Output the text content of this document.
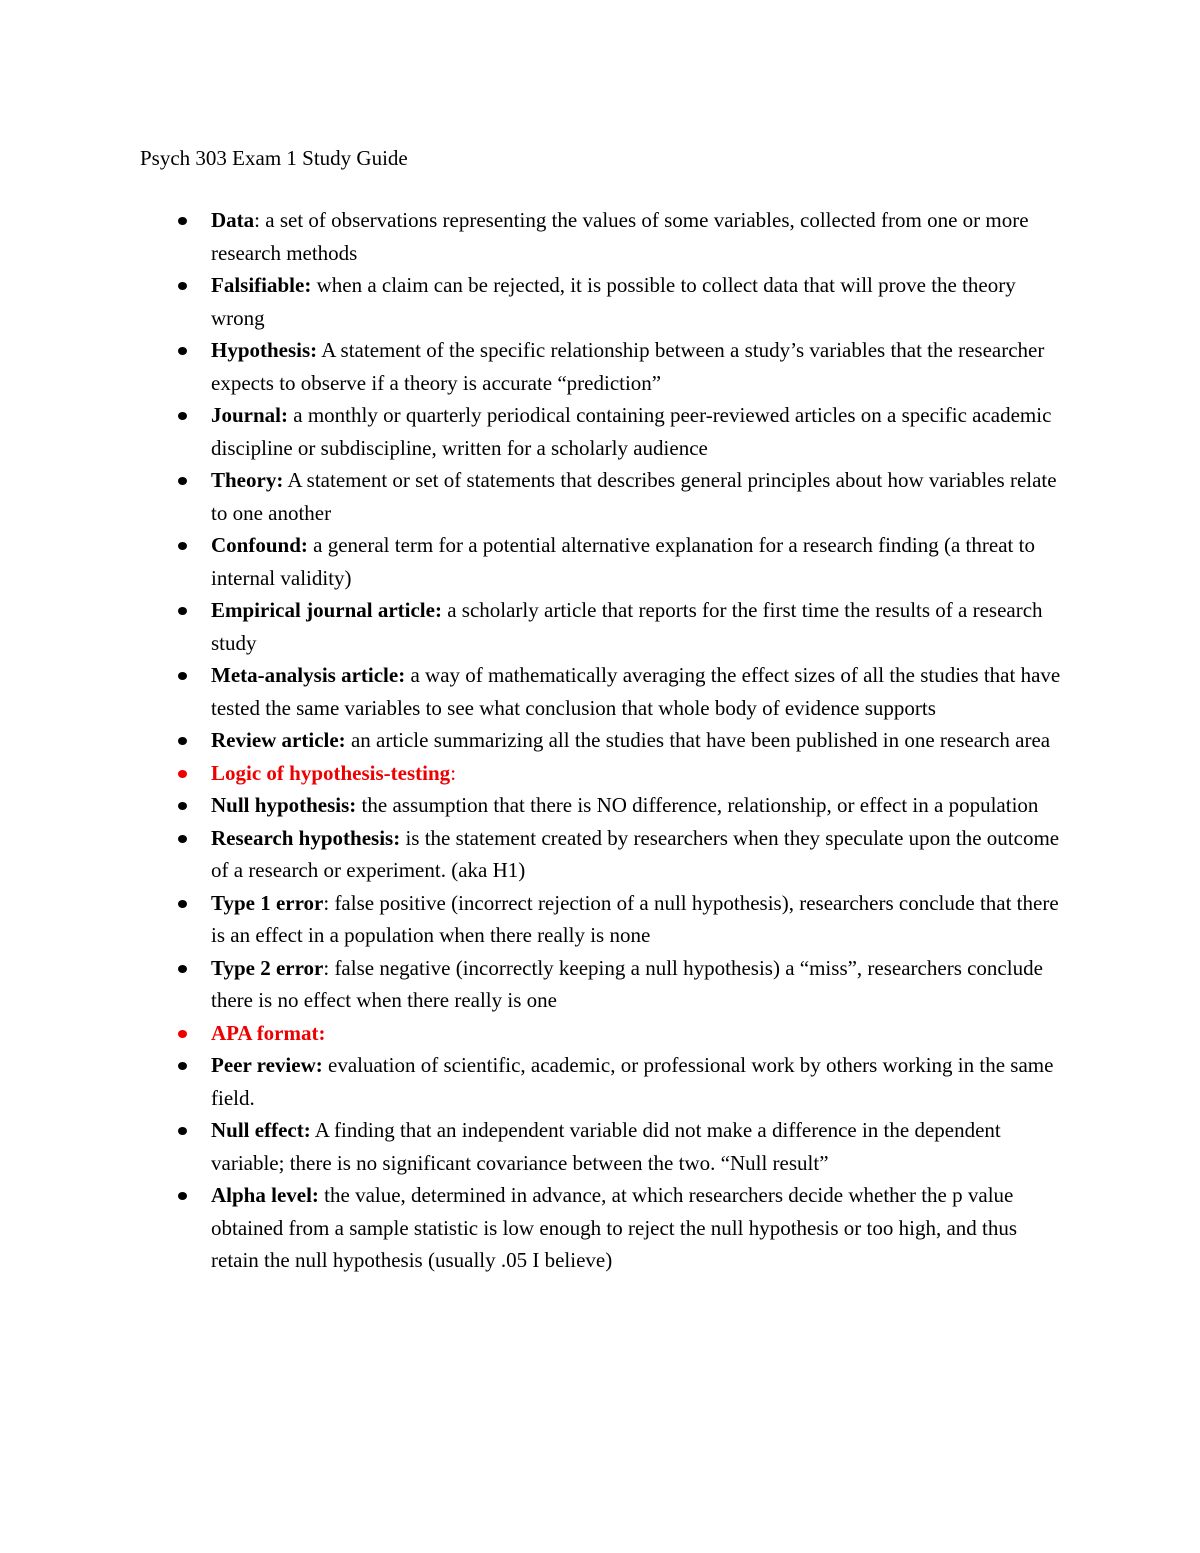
Psych 303 Exam 1 Study Guide
Data: a set of observations representing the values of some variables, collected from one or more research methods
Falsifiable: when a claim can be rejected, it is possible to collect data that will prove the theory wrong
Hypothesis: A statement of the specific relationship between a study’s variables that the researcher expects to observe if a theory is accurate “prediction”
Journal: a monthly or quarterly periodical containing peer-reviewed articles on a specific academic discipline or subdiscipline, written for a scholarly audience
Theory: A statement or set of statements that describes general principles about how variables relate to one another
Confound: a general term for a potential alternative explanation for a research finding (a threat to internal validity)
Empirical journal article: a scholarly article that reports for the first time the results of a research study
Meta-analysis article: a way of mathematically averaging the effect sizes of all the studies that have tested the same variables to see what conclusion that whole body of evidence supports
Review article: an article summarizing all the studies that have been published in one research area
Logic of hypothesis-testing:
Null hypothesis: the assumption that there is NO difference, relationship, or effect in a population
Research hypothesis: is the statement created by researchers when they speculate upon the outcome of a research or experiment. (aka H1)
Type 1 error: false positive (incorrect rejection of a null hypothesis), researchers conclude that there is an effect in a population when there really is none
Type 2 error: false negative (incorrectly keeping a null hypothesis) a “miss”, researchers conclude there is no effect when there really is one
APA format:
Peer review: evaluation of scientific, academic, or professional work by others working in the same field.
Null effect: A finding that an independent variable did not make a difference in the dependent variable; there is no significant covariance between the two. “Null result”
Alpha level: the value, determined in advance, at which researchers decide whether the p value obtained from a sample statistic is low enough to reject the null hypothesis or too high, and thus retain the null hypothesis (usually .05 I believe)
